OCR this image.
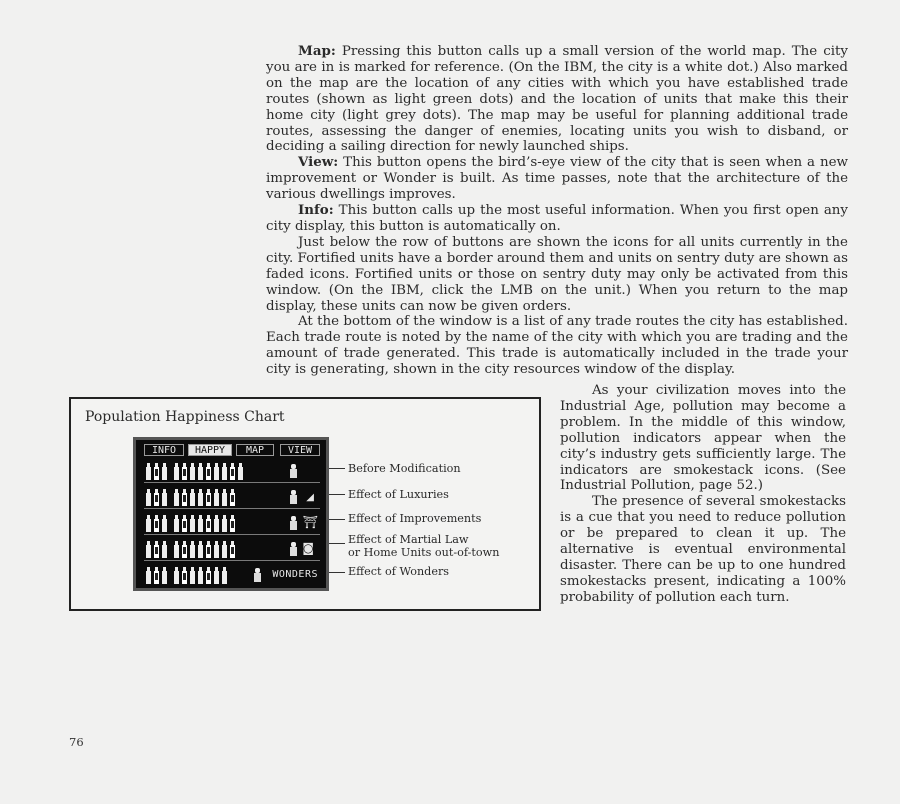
Map: Pressing this button calls up a small version of the world map. The city you are in is marked for reference. (On the IBM, the city is a white dot.) Also marked on the map are the location of any cities with which you have established trade routes (shown as light green dots) and the location of units that make this their home city (light grey dots). The map may be useful for planning additional trade routes, assessing the danger of enemies, locating units you wish to disband, or deciding a sailing direction for newly launched ships.

View: This button opens the bird’s-eye view of the city that is seen when a new improvement or Wonder is built. As time passes, note that the architecture of the various dwellings improves.

Info: This button calls up the most useful information. When you first open any city display, this button is automatically on.

Just below the row of buttons are shown the icons for all units currently in the city. Fortified units have a border around them and units on sentry duty are shown as faded icons. Fortified units or those on sentry duty may only be activated from this window. (On the IBM, click the LMB on the unit.) When you return to the map display, these units can now be given orders.

At the bottom of the window is a list of any trade routes the city has established. Each trade route is noted by the name of the city with which you are trading and the amount of trade generated. This trade is automatically included in the trade your city is generating, shown in the city resources window of the display.

As your civilization moves into the Industrial Age, pollution may become a problem. In the middle of this window, pollution indicators appear when the city’s industry gets sufficiently large. The indicators are smokestack icons. (See Industrial Pollution, page 52.)

The presence of several smokestacks is a cue that you need to reduce pollution or be prepared to clean it up. The alternative is eventual environmental disaster. There can be up to one hundred smokestacks present, indicating a 100% probability of pollution each turn.

Population Happiness Chart
INFO	HAPPY	MAP	VIEW
◢
⛩
◙
WONDERS
Before Modification
Effect of Luxuries
Effect of Improvements
Effect of Martial Law
or Home Units out-of-town
Effect of Wonders
76
